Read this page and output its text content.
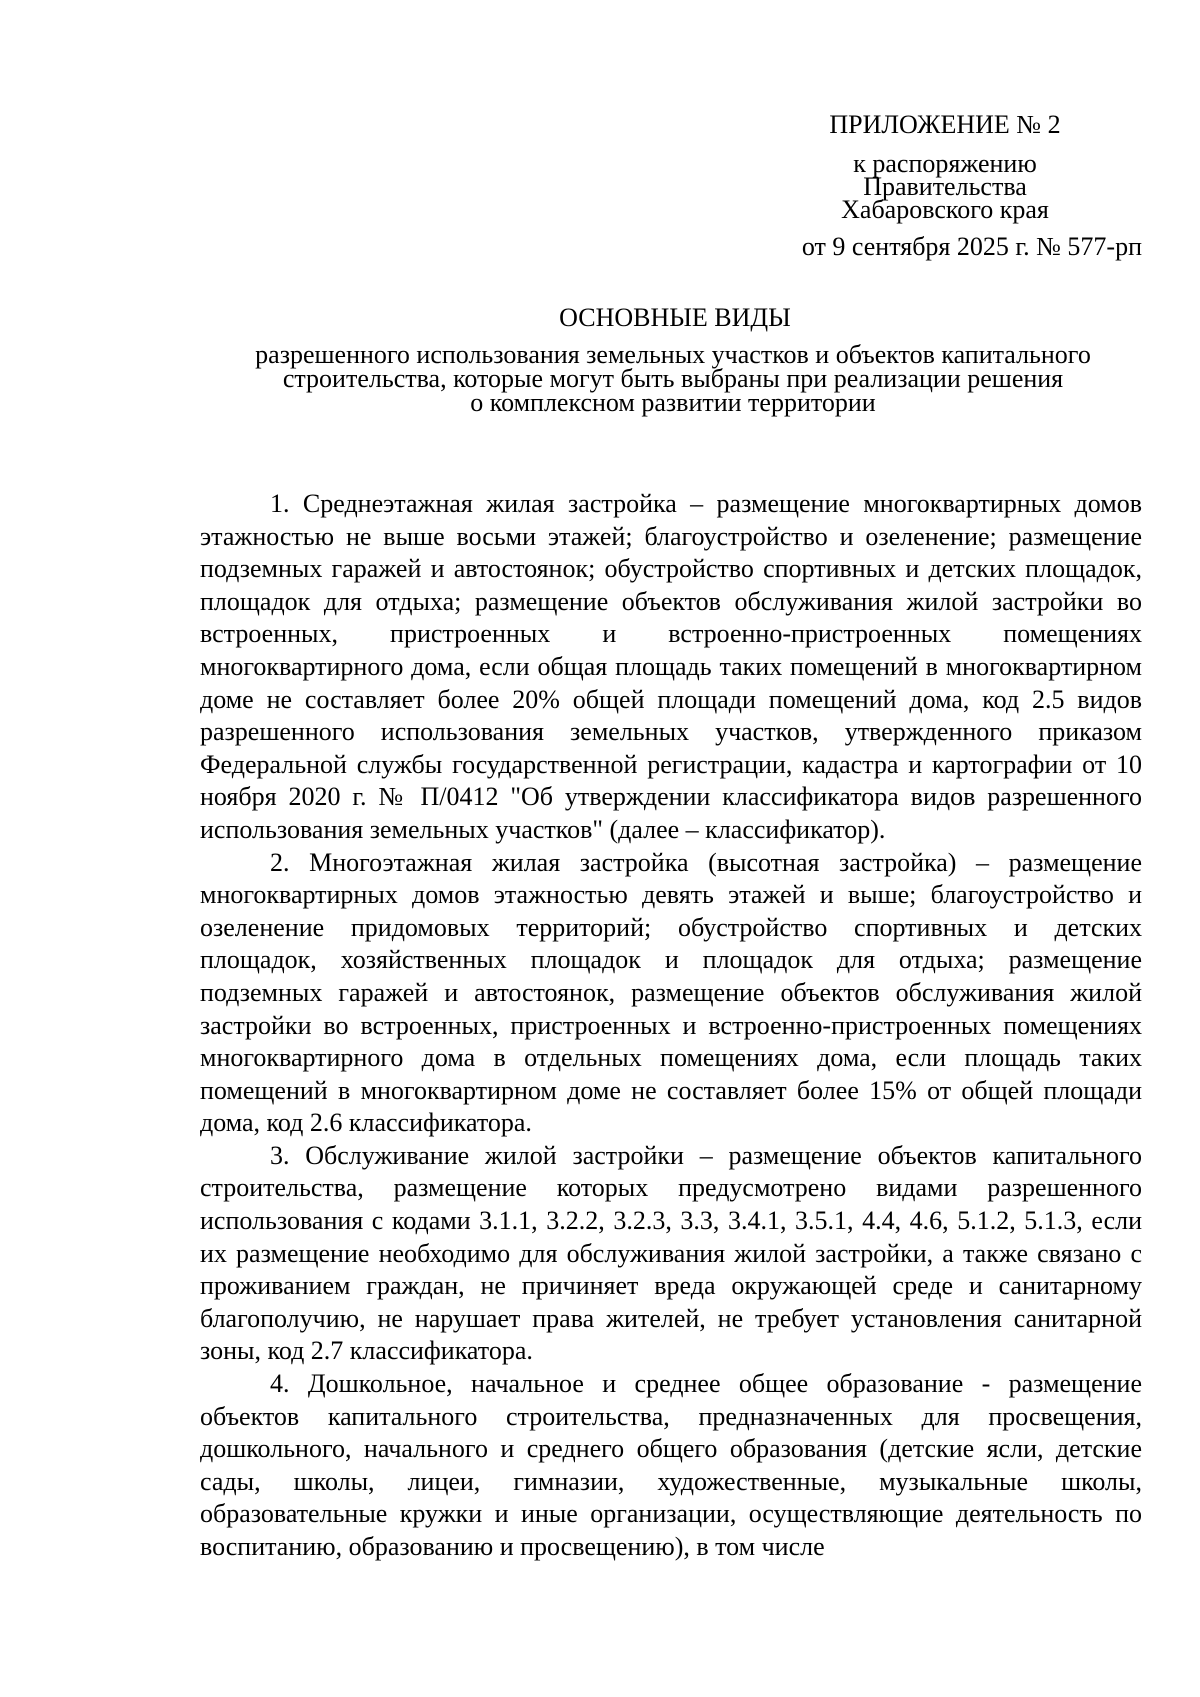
ПРИЛОЖЕНИЕ № 2
к распоряжению
Правительства
Хабаровского края
от 9 сентября 2025 г. № 577-рп
ОСНОВНЫЕ ВИДЫ
разрешенного использования земельных участков и объектов капитального
строительства, которые могут быть выбраны при реализации решения
о комплексном развитии территории

1. Среднеэтажная жилая застройка – размещение многоквартирных домов этажностью не выше восьми этажей; благоустройство и озеленение; размещение подземных гаражей и автостоянок; обустройство спортивных и детских площадок, площадок для отдыха; размещение объектов обслуживания жилой застройки во встроенных, пристроенных и встроенно-пристроенных помещениях многоквартирного дома, если общая площадь таких помещений в многоквартирном доме не составляет более 20% общей площади помещений дома, код 2.5 видов разрешенного использования земельных участков, утвержденного приказом Федеральной службы государственной регистрации, кадастра и картографии от 10 ноября 2020 г. № П/0412 "Об утверждении классификатора видов разрешенного использования земельных участков" (далее – классификатор).

2. Многоэтажная жилая застройка (высотная застройка) – размещение многоквартирных домов этажностью девять этажей и выше; благоустройство и озеленение придомовых территорий; обустройство спортивных и детских площадок, хозяйственных площадок и площадок для отдыха; размещение подземных гаражей и автостоянок, размещение объектов обслуживания жилой застройки во встроенных, пристроенных и встроенно-пристроенных помещениях многоквартирного дома в отдельных помещениях дома, если площадь таких помещений в многоквартирном доме не составляет более 15% от общей площади дома, код 2.6 классификатора.

3. Обслуживание жилой застройки – размещение объектов капитального строительства, размещение которых предусмотрено видами разрешенного использования с кодами 3.1.1, 3.2.2, 3.2.3, 3.3, 3.4.1, 3.5.1, 4.4, 4.6, 5.1.2, 5.1.3, если их размещение необходимо для обслуживания жилой застройки, а также связано с проживанием граждан, не причиняет вреда окружающей среде и санитарному благополучию, не нарушает права жителей, не требует установления санитарной зоны, код 2.7 классификатора.

4. Дошкольное, начальное и среднее общее образование - размещение объектов капитального строительства, предназначенных для просвещения, дошкольного, начального и среднего общего образования (детские ясли, детские сады, школы, лицеи, гимназии, художественные, музыкальные школы, образовательные кружки и иные организации, осуществляющие деятельность по воспитанию, образованию и просвещению), в том числе
